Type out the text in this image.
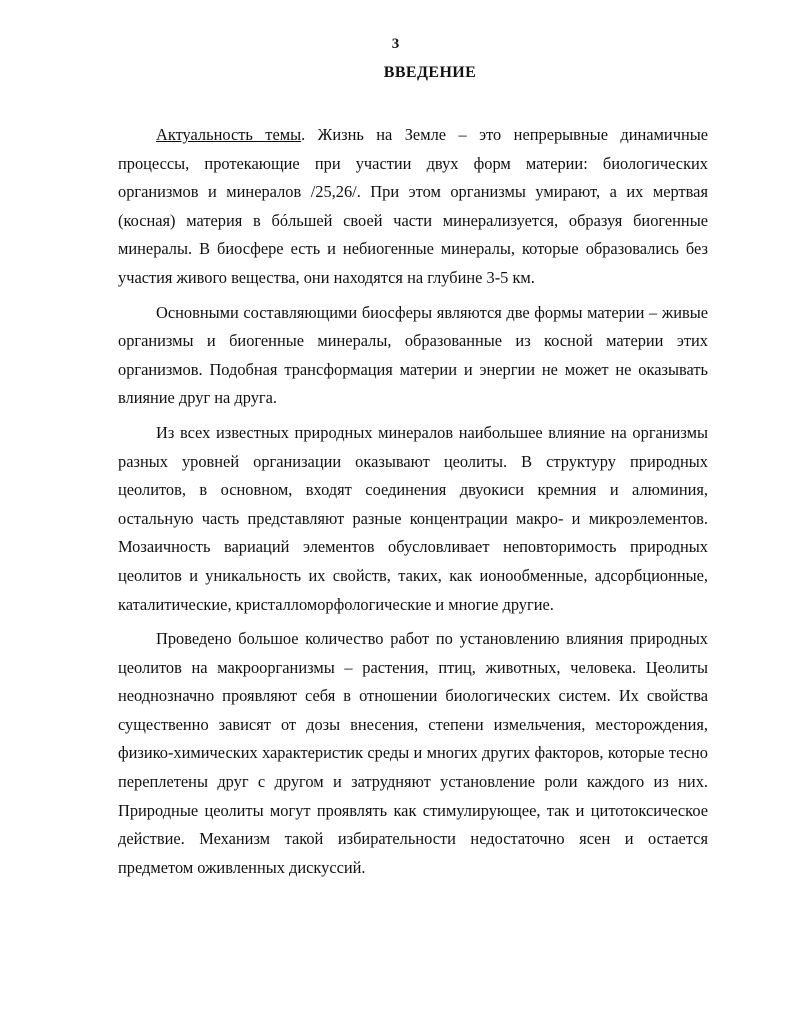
3
ВВЕДЕНИЕ

Актуальность темы. Жизнь на Земле – это непрерывные динамичные процессы, протекающие при участии двух форм материи: биологических организмов и минералов /25,26/. При этом организмы умирают, а их мертвая (косная) материя в бóльшей своей части минерализуется, образуя биогенные минералы. В биосфере есть и небиогенные минералы, которые образовались без участия живого вещества, они находятся на глубине 3-5 км.

Основными составляющими биосферы являются две формы материи – живые организмы и биогенные минералы, образованные из косной материи этих организмов. Подобная трансформация материи и энергии не может не оказывать влияние друг на друга.

Из всех известных природных минералов наибольшее влияние на организмы разных уровней организации оказывают цеолиты. В структуру природных цеолитов, в основном, входят соединения двуокиси кремния и алюминия, остальную часть представляют разные концентрации макро- и микроэлементов. Мозаичность вариаций элементов обусловливает неповторимость природных цеолитов и уникальность их свойств, таких, как ионообменные, адсорбционные, каталитические, кристалломорфологические и многие другие.

Проведено большое количество работ по установлению влияния природных цеолитов на макроорганизмы – растения, птиц, животных, человека. Цеолиты неоднозначно проявляют себя в отношении биологических систем. Их свойства существенно зависят от дозы внесения, степени измельчения, месторождения, физико-химических характеристик среды и многих других факторов, которые тесно переплетены друг с другом и затрудняют установление роли каждого из них. Природные цеолиты могут проявлять как стимулирующее, так и цитотоксическое действие. Механизм такой избирательности недостаточно ясен и остается предметом оживленных дискуссий.
